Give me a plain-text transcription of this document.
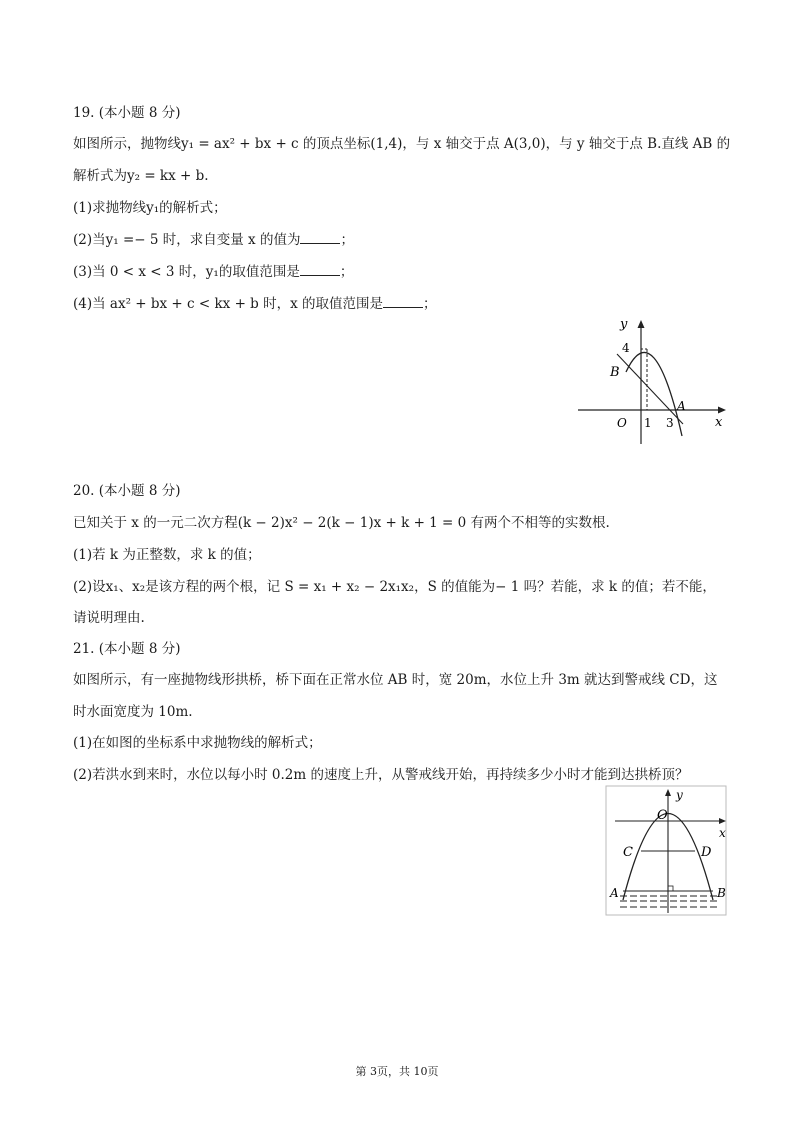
19. (本小题 8 分)
如图所示，抛物线y₁ = ax² + bx + c 的顶点坐标(1,4)，与 x 轴交于点 A(3,0)，与 y 轴交于点 B.直线 AB 的
解析式为y₂ = kx + b.
(1)求抛物线y₁的解析式；
(2)当y₁ =− 5 时，求自变量 x 的值为	；
(3)当 0 < x < 3 时，y₁的取值范围是	；
(4)当 ax² + bx + c < kx + b 时，x 的取值范围是	；
y
4
B
A
O 1 3	x
20. (本小题 8 分)
已知关于 x 的一元二次方程(k − 2)x² − 2(k − 1)x + k + 1 = 0 有两个不相等的实数根.
(1)若 k 为正整数，求 k 的值；
(2)设x₁、x₂是该方程的两个根，记 S = x₁ + x₂ − 2x₁x₂，S 的值能为− 1 吗？若能，求 k 的值；若不能，
请说明理由.
21. (本小题 8 分)
如图所示，有一座抛物线形拱桥，桥下面在正常水位 AB 时，宽 20m，水位上升 3m 就达到警戒线 CD，这
时水面宽度为 10m.
(1)在如图的坐标系中求抛物线的解析式；
(2)若洪水到来时，水位以每小时 0.2m 的速度上升，从警戒线开始，再持续多少小时才能到达拱桥顶？
y
O
x
C	D
A	B
第 3页，共 10页
